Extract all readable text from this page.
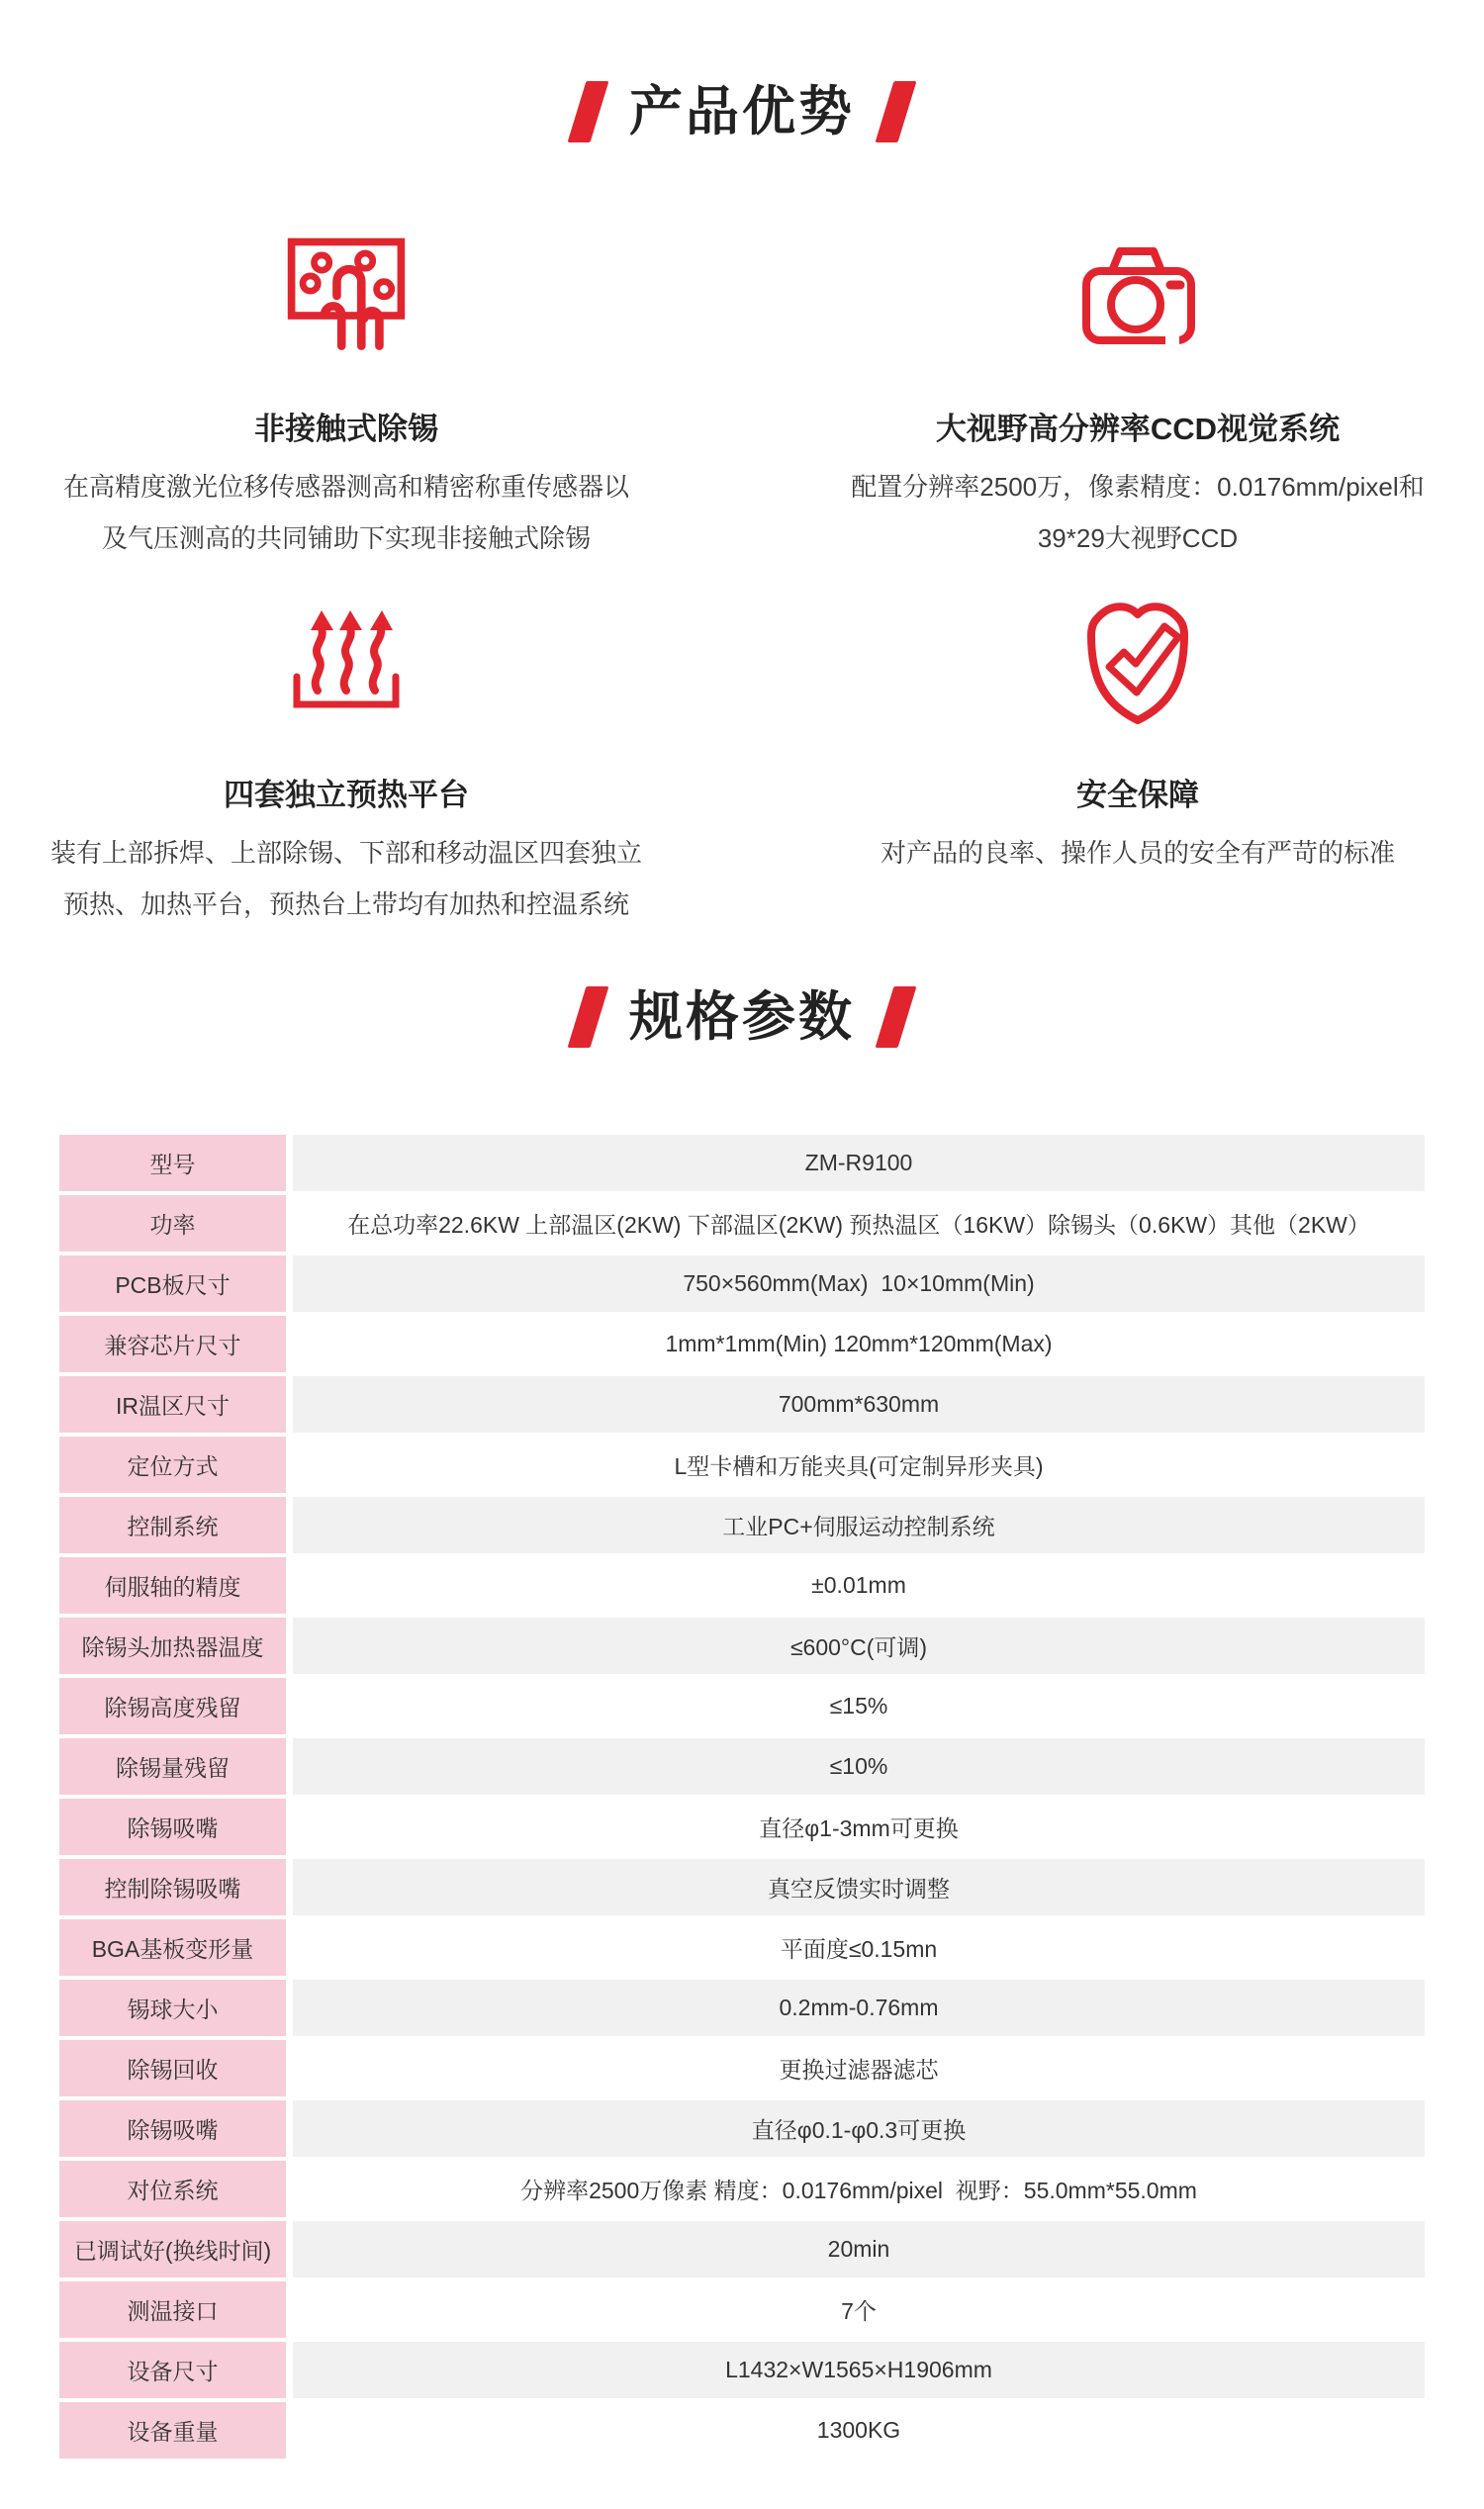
产品优势
非接触式除锡
在高精度激光位移传感器测高和精密称重传感器以
及气压测高的共同铺助下实现非接触式除锡
大视野高分辨率CCD视觉系统
配置分辨率2500万，像素精度：0.0176mm/pixel和
39*29大视野CCD
四套独立预热平台
装有上部拆焊、上部除锡、下部和移动温区四套独立
预热、加热平台，预热台上带均有加热和控温系统
安全保障
对产品的良率、操作人员的安全有严苛的标准
规格参数
型号	ZM-R9100
功率	在总功率22.6KW 上部温区(2KW) 下部温区(2KW) 预热温区（16KW）除锡头（0.6KW）其他（2KW）
PCB板尺寸	750×560mm(Max)  10×10mm(Min)
兼容芯片尺寸	1mm*1mm(Min) 120mm*120mm(Max)
IR温区尺寸	700mm*630mm
定位方式	L型卡槽和万能夹具(可定制异形夹具)
控制系统	工业PC+伺服运动控制系统
伺服轴的精度	±0.01mm
除锡头加热器温度	≤600°C(可调)
除锡高度残留	≤15%
除锡量残留	≤10%
除锡吸嘴	直径φ1-3mm可更换
控制除锡吸嘴	真空反馈实时调整
BGA基板变形量	平面度≤0.15mn
锡球大小	0.2mm-0.76mm
除锡回收	更换过滤器滤芯
除锡吸嘴	直径φ0.1-φ0.3可更换
对位系统	分辨率2500万像素 精度：0.0176mm/pixel  视野：55.0mm*55.0mm
已调试好(换线时间)	20min
测温接口	7个
设备尺寸	L1432×W1565×H1906mm
设备重量	1300KG
